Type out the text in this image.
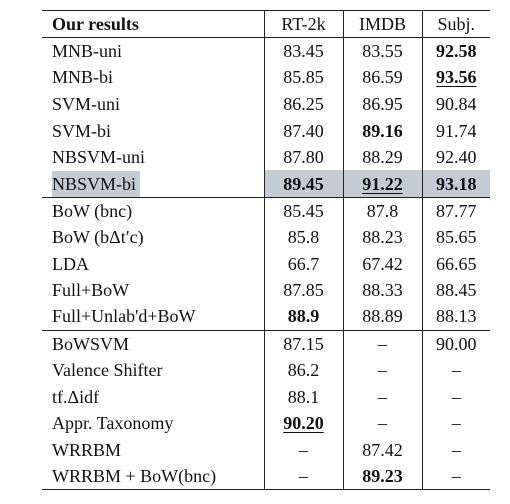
Our results	RT-2k	IMDB	Subj.
MNB-uni	83.45	83.55	92.58
MNB-bi	85.85	86.59	93.56
SVM-uni	86.25	86.95	90.84
SVM-bi	87.40	89.16	91.74
NBSVM-uni	87.80	88.29	92.40
NBSVM-bi	89.45	91.22	93.18
BoW (bnc)	85.45	87.8	87.77
BoW (bΔt′c)	85.8	88.23	85.65
LDA	66.7	67.42	66.65
Full+BoW	87.85	88.33	88.45
Full+Unlab'd+BoW	88.9	88.89	88.13
BoWSVM	87.15	–	90.00
Valence Shifter	86.2	–	–
tf.Δidf	88.1	–	–
Appr. Taxonomy	90.20	–	–
WRRBM	–	87.42	–
WRRBM + BoW(bnc)	–	89.23	–
